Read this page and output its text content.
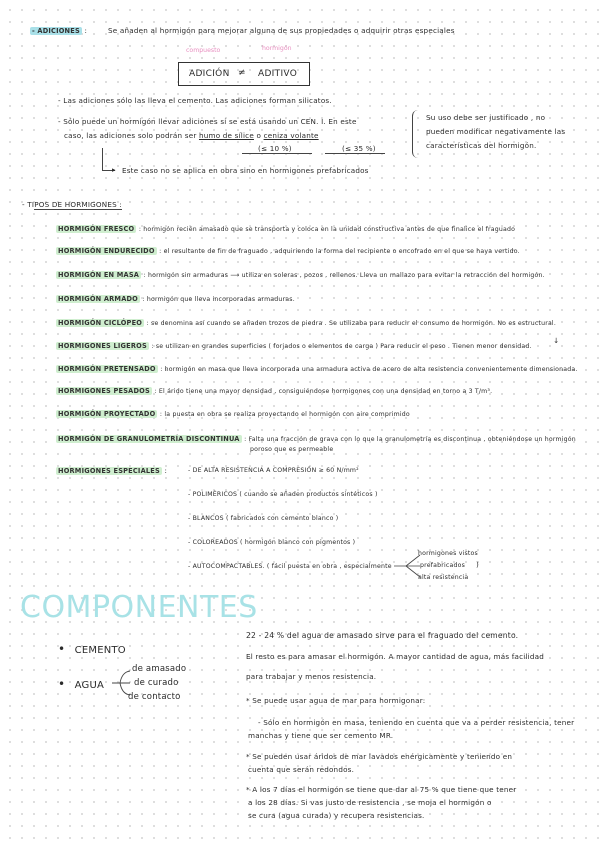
- ADICIONES :	Se añaden al hormigón para mejorar alguna de sus propiedades o adquirir otras especiales
compuesto	hormigón
ADICIÓN ≠ ADITIVO
- Las adiciones sólo las lleva el cemento. Las adiciones forman silicatos.
- Sólo puede un hormigón llevar adiciones si se está usando un CEN. I. En este
caso, las adiciones solo podrán ser humo de sílice o ceniza volante
(≤ 10 %)	(≤ 35 %)
Su uso debe ser justificado , no
pueden modificar negativamente las
características del hormigón.
▸ Este caso no se aplica en obra sino en hormigones prefabricados
- TIPOS DE HORMIGONES :
HORMIGÓN FRESCO : hormigón recién amasado que se transporta y coloca en la unidad constructiva antes de que finalice el fraguado
HORMIGÓN ENDURECIDO : el resultante de fin de fraguado , adquiriendo la forma del recipiente o encofrado en el que se haya vertido.
HORMIGÓN EN MASA : hormigón sin armaduras ⟶ utiliza en soleras , pozos , rellenos. Lleva un mallazo para evitar la retracción del hormigón.
HORMIGÓN ARMADO : hormigón que lleva incorporadas armaduras.
HORMIGÓN CICLÓPEO : se denomina así cuando se añaden trozos de piedra . Se utilizaba para reducir el consumo de hormigón. No es estructural.
HORMIGONES LIGEROS : se utilizan en grandes superficies ( forjados o elementos de carga ) Para reducir el peso . Tienen menor densidad.
↓
HORMIGÓN PRETENSADO : hormigón en masa que lleva incorporada una armadura activa de acero de alta resistencia convenientemente dimensionada.
HORMIGONES PESADOS : El árido tiene una mayor densidad , consiguiéndose hormigones con una densidad en torno a 3 T/m³.
HORMIGÓN PROYECTADO : la puesta en obra se realiza proyectando el hormigón con aire comprimido
HORMIGÓN DE GRANULOMETRÍA DISCONTINUA : Falta una fracción de grava con lo que la granulometría es discontinua , obteniéndose un hormigón
poroso que es permeable
HORMIGONES ESPECIALES :	- DE ALTA RESISTENCIA A COMPRESIÓN ≥ 60 N/mm²
- POLIMÉRICOS ( cuando se añaden productos sintéticos )
- BLANCOS ( fabricados con cemento blanco )
- COLOREADOS ( hormigón blanco con pigmentos )
- AUTOCOMPACTABLES. ( fácil puesta en obra , especialmente
hormigones vistos
prefabricados
alta resistencia
)
COMPONENTES
• CEMENTO
• AGUA
de amasado
de curado
de contacto
22 - 24 % del agua de amasado sirve para el fraguado del cemento.
El resto es para amasar el hormigón. A mayor cantidad de agua, más facilidad
para trabajar y menos resistencia.
* Se puede usar agua de mar para hormigonar:
- Sólo en hormigón en masa, teniendo en cuenta que va a perder resistencia, tener
manchas y tiene que ser cemento MR.
* Se pueden usar áridos de mar lavados enérgicamente y teniendo en
cuenta que serán redondos.
* A los 7 días el hormigón se tiene que dar al 75 % que tiene que tener
a los 28 días. Si vas justo de resistencia , se moja el hormigón o
se cura (agua curada) y recupera resistencias.
